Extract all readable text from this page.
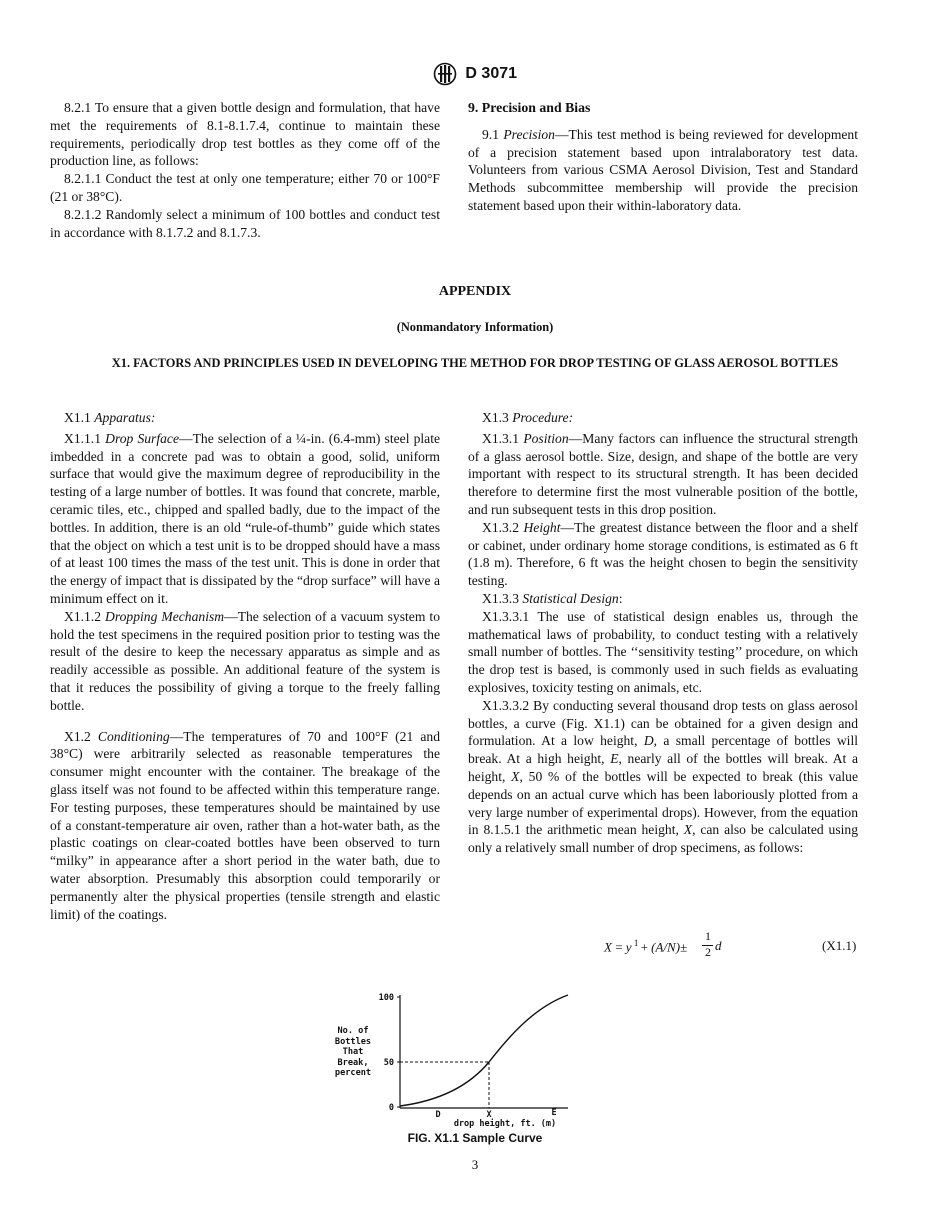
D 3071

8.2.1 To ensure that a given bottle design and formulation, that have met the requirements of 8.1-8.1.7.4, continue to maintain these requirements, periodically drop test bottles as they come off of the production line, as follows:

8.2.1.1 Conduct the test at only one temperature; either 70 or 100°F (21 or 38°C).

8.2.1.2 Randomly select a minimum of 100 bottles and conduct test in accordance with 8.1.7.2 and 8.1.7.3.

9. Precision and Bias

9.1 Precision—This test method is being reviewed for development of a precision statement based upon intralaboratory test data. Volunteers from various CSMA Aerosol Division, Test and Standard Methods subcommittee membership will provide the precision statement based upon their within-laboratory data.

APPENDIX
(Nonmandatory Information)
X1. FACTORS AND PRINCIPLES USED IN DEVELOPING THE METHOD FOR DROP TESTING OF GLASS AEROSOL BOTTLES

X1.1 Apparatus:

X1.1.1 Drop Surface—The selection of a ¼-in. (6.4-mm) steel plate imbedded in a concrete pad was to obtain a good, solid, uniform surface that would give the maximum degree of reproducibility in the testing of a large number of bottles. It was found that concrete, marble, ceramic tiles, etc., chipped and spalled badly, due to the impact of the bottles. In addition, there is an old “rule-of-thumb” guide which states that the object on which a test unit is to be dropped should have a mass of at least 100 times the mass of the test unit. This is done in order that the energy of impact that is dissipated by the “drop surface” will have a minimum effect on it.

X1.1.2 Dropping Mechanism—The selection of a vacuum system to hold the test specimens in the required position prior to testing was the result of the desire to keep the necessary apparatus as simple and as readily accessible as possible. An additional feature of the system is that it reduces the possibility of giving a torque to the freely falling bottle.

X1.2 Conditioning—The temperatures of 70 and 100°F (21 and 38°C) were arbitrarily selected as reasonable temperatures the consumer might encounter with the container. The breakage of the glass itself was not found to be affected within this temperature range. For testing purposes, these temperatures should be maintained by use of a constant-temperature air oven, rather than a hot-water bath, as the plastic coatings on clear-coated bottles have been observed to turn “milky” in appearance after a short period in the water bath, due to water absorption. Presumably this absorption could temporarily or permanently alter the physical properties (tensile strength and elastic limit) of the coatings.

X1.3 Procedure:

X1.3.1 Position—Many factors can influence the structural strength of a glass aerosol bottle. Size, design, and shape of the bottle are very important with respect to its structural strength. It has been decided therefore to determine first the most vulnerable position of the bottle, and run subsequent tests in this drop position.

X1.3.2 Height—The greatest distance between the floor and a shelf or cabinet, under ordinary home storage conditions, is estimated as 6 ft (1.8 m). Therefore, 6 ft was the height chosen to begin the sensitivity testing.

X1.3.3 Statistical Design:

X1.3.3.1 The use of statistical design enables us, through the mathematical laws of probability, to conduct testing with a relatively small number of bottles. The ‘‘sensitivity testing’’ procedure, on which the drop test is based, is commonly used in such fields as evaluating explosives, toxicity testing on animals, etc.

X1.3.3.2 By conducting several thousand drop tests on glass aerosol bottles, a curve (Fig. X1.1) can be obtained for a given design and formulation. At a low height, D, a small percentage of bottles will break. At a high height, E, nearly all of the bottles will break. At a height, X, 50 % of the bottles will be expected to break (this value depends on an actual curve which has been laboriously plotted from a very large number of experimental drops). However, from the equation in 8.1.5.1 the arithmetic mean height, X, can also be calculated using only a relatively small number of drop specimens, as follows:

X = y $^1$ + (A/N)±
1
2 d	(X1.1)
No. of
Bottles
That
Break,
percent
100
50
0
D	X	E
drop height, ft. (m)
FIG. X1.1 Sample Curve
3
